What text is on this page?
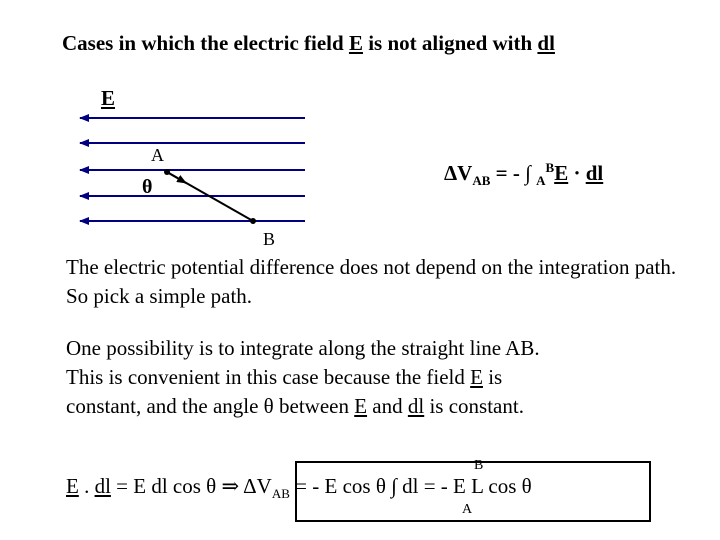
Cases in which the electric field E is not aligned with dl
E
A
B
θ
$\Delta V_{AB}$ = - ∫ $_A^B$E · dl
The electric potential difference does not depend on the integration path. So pick a simple path.
One possibility is to integrate along the straight line AB.
This is convenient in this case because the field E is
constant, and the angle θ between E and dl is constant.
E . dl = E dl cos θ ⇒ $\Delta V_{AB}$ = - E cos θ ∫ dl = - E L cos θ
B
A
